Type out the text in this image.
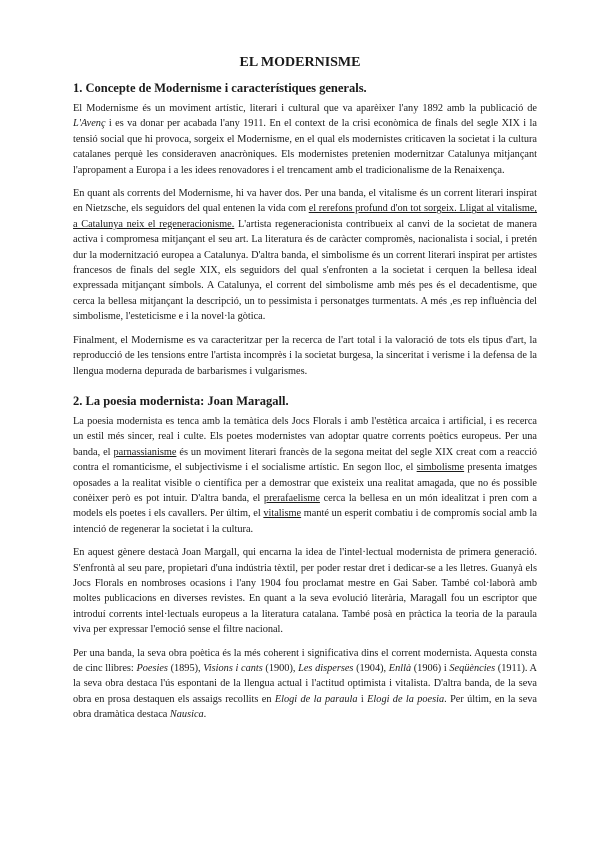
EL MODERNISME
1. Concepte de Modernisme i característiques generals.

El Modernisme és un moviment artístic, literari i cultural que va aparèixer l'any 1892 amb la publicació de L'Avenç i es va donar per acabada l'any 1911. En el context de la crisi econòmica de finals del segle XIX i la tensió social que hi provoca, sorgeix el Modernisme, en el qual els modernistes criticaven la societat i la cultura catalanes perquè les consideraven anacròniques. Els modernistes pretenien modernitzar Catalunya mitjançant l'apropament a Europa i a les idees renovadores i el trencament amb el tradicionalisme de la Renaixença.

En quant als corrents del Modernisme, hi va haver dos. Per una banda, el vitalisme és un corrent literari inspirat en Nietzsche, els seguidors del qual entenen la vida com el rerefons profund d'on tot sorgeix. Lligat al vitalisme, a Catalunya neix el regeneracionisme. L'artista regeneracionista contribueix al canvi de la societat de manera activa i compromesa mitjançant el seu art. La literatura és de caràcter compromès, nacionalista i social, i pretén dur la modernització europea a Catalunya. D'altra banda, el simbolisme és un corrent literari inspirat per artistes francesos de finals del segle XIX, els seguidors del qual s'enfronten a la societat i cerquen la bellesa ideal expressada mitjançant símbols. A Catalunya, el corrent del simbolisme amb més pes és el decadentisme, que cerca la bellesa mitjançant la descripció, un to pessimista i personatges turmentats. A més ,es rep influència del simbolisme, l'esteticisme e i la novel·la gòtica.

Finalment, el Modernisme es va caracteritzar per la recerca de l'art total i la valoració de tots els tipus d'art, la reproducció de les tensions entre l'artista incomprès i la societat burgesa, la sinceritat i verisme i la defensa de la llengua moderna depurada de barbarismes i vulgarismes.

2. La poesia modernista: Joan Maragall.

La poesia modernista es tenca amb la temàtica dels Jocs Florals i amb l'estètica arcaica i artificial, i es recerca un estil més sincer, real i culte. Els poetes modernistes van adoptar quatre corrents poètics europeus. Per una banda, el parnassianisme és un moviment literari francès de la segona meitat del segle XIX creat com a reacció contra el romanticisme, el subjectivisme i el socialisme artístic. En segon lloc, el simbolisme presenta imatges oposades a la realitat visible o científica per a demostrar que existeix una realitat amagada, que no és possible conèixer però es pot intuir. D'altra banda, el prerafaelisme cerca la bellesa en un món idealitzat i pren com a models els poetes i els cavallers. Per últim, el vitalisme manté un esperit combatiu i de compromís social amb la intenció de regenerar la societat i la cultura.

En aquest gènere destacà Joan Margall, qui encarna la idea de l'intel·lectual modernista de primera generació. S'enfrontà al seu pare, propietari d'una indústria tèxtil, per poder restar dret i dedicar-se a les lletres. Guanyà els Jocs Florals en nombroses ocasions i l'any 1904 fou proclamat mestre en Gai Saber. També col·laborà amb moltes publicacions en diverses revistes. En quant a la seva evolució literària, Maragall fou un escriptor que introduí corrents intel·lectuals europeus a la literatura catalana. També posà en pràctica la teoria de la paraula viva per expressar l'emoció sense el filtre nacional.

Per una banda, la seva obra poètica és la més coherent i significativa dins el corrent modernista. Aquesta consta de cinc llibres: Poesies (1895), Visions i cants (1900), Les disperses (1904), Enllà (1906) i Seqüències (1911). A la seva obra destaca l'ús espontani de la llengua actual i l'actitud optimista i vitalista. D'altra banda, de la seva obra en prosa destaquen els assaigs recollits en Elogi de la paraula i Elogi de la poesia. Per últim, en la seva obra dramàtica destaca Nausica.
